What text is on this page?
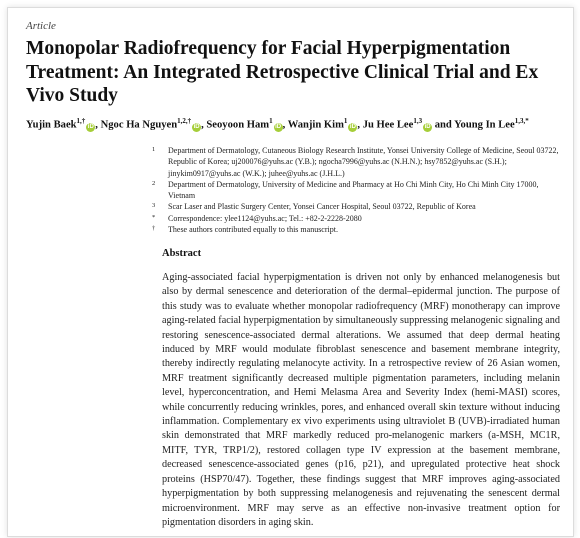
Article
Monopolar Radiofrequency for Facial Hyperpigmentation Treatment: An Integrated Retrospective Clinical Trial and Ex Vivo Study
Yujin Baek$^{1,\dagger}$iD , Ngoc Ha Nguyen$^{1,2,\dagger}$iD , Seoyoon Ham$^1$iD , Wanjin Kim$^1$iD , Ju Hee Lee$^{1,3}$iD and Young In Lee$^{1,3,*}$
1	Department of Dermatology, Cutaneous Biology Research Institute, Yonsei University College of Medicine, Seoul 03722, Republic of Korea; uj200076@yuhs.ac (Y.B.); ngocha7996@yuhs.ac (N.H.N.); hsy7852@yuhs.ac (S.H.); jinykim0917@yuhs.ac (W.K.); juhee@yuhs.ac (J.H.L.)
2	Department of Dermatology, University of Medicine and Pharmacy at Ho Chi Minh City, Ho Chi Minh City 17000, Vietnam
3	Scar Laser and Plastic Surgery Center, Yonsei Cancer Hospital, Seoul 03722, Republic of Korea
*	Correspondence: ylee1124@yuhs.ac; Tel.: +82-2-2228-2080
†	These authors contributed equally to this manuscript.
Abstract

Aging-associated facial hyperpigmentation is driven not only by enhanced melanogenesis but also by dermal senescence and deterioration of the dermal–epidermal junction. The purpose of this study was to evaluate whether monopolar radiofrequency (MRF) monotherapy can improve aging-related facial hyperpigmentation by simultaneously suppressing melanogenic signaling and restoring senescence-associated dermal alterations. We assumed that deep dermal heating induced by MRF would modulate fibroblast senescence and basement membrane integrity, thereby indirectly regulating melanocyte activity. In a retrospective review of 26 Asian women, MRF treatment significantly decreased multiple pigmentation parameters, including melanin level, hyperconcentration, and Hemi Melasma Area and Severity Index (hemi-MASI) scores, while concurrently reducing wrinkles, pores, and enhanced overall skin texture without inducing inflammation. Complementary ex vivo experiments using ultraviolet B (UVB)-irradiated human skin demonstrated that MRF markedly reduced pro-melanogenic markers (a-MSH, MC1R, MITF, TYR, TRP1/2), restored collagen type IV expression at the basement membrane, decreased senescence-associated genes (p16, p21), and upregulated protective heat shock proteins (HSP70/47). Together, these findings suggest that MRF improves aging-associated hyperpigmentation by both suppressing melanogenesis and rejuvenating the senescent dermal microenvironment. MRF may serve as an effective non-invasive treatment option for pigmentation disorders in aging skin.
